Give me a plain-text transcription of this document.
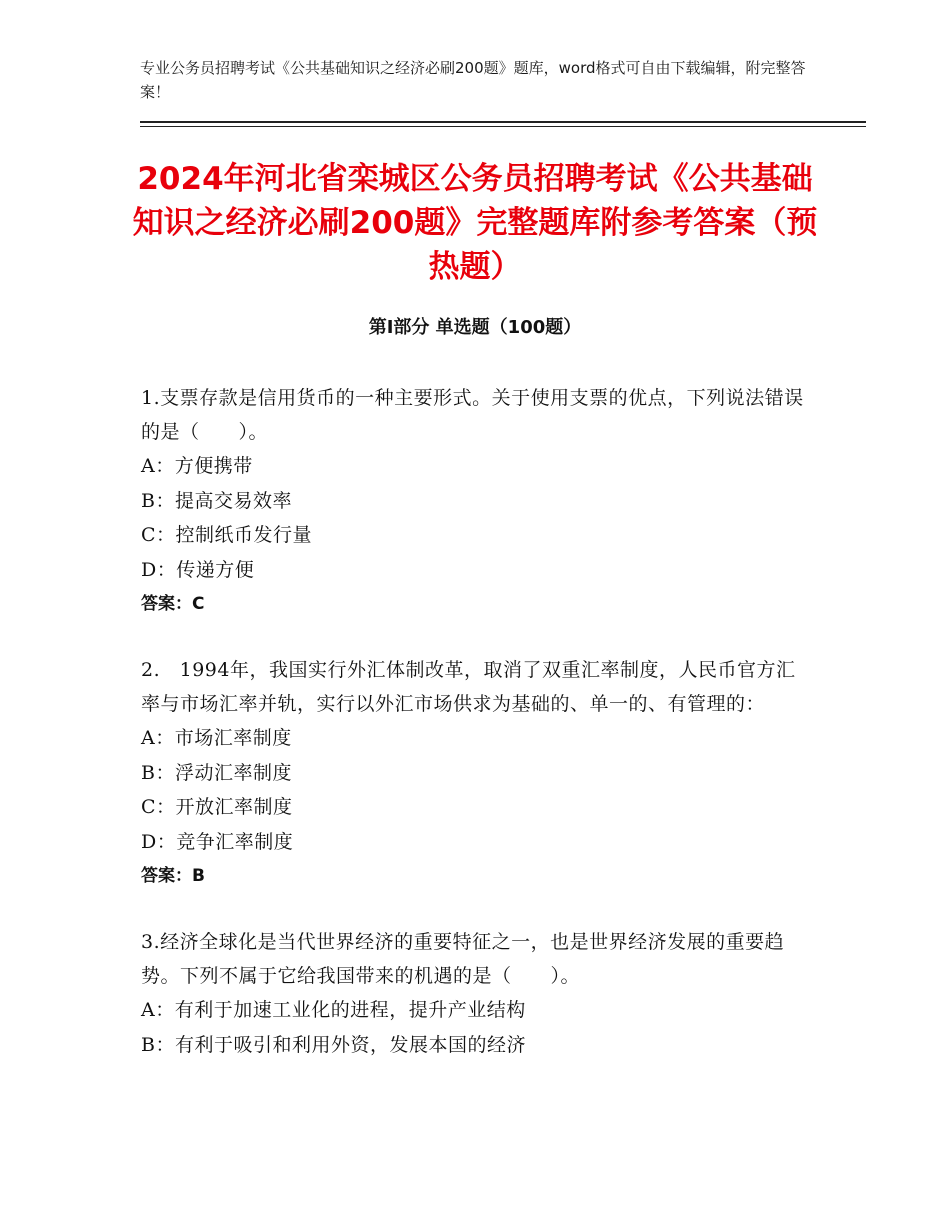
专业公务员招聘考试《公共基础知识之经济必刷200题》题库，word格式可自由下载编辑，附完整答案！
2024年河北省栾城区公务员招聘考试《公共基础知识之经济必刷200题》完整题库附参考答案（预热题）
第Ⅰ部分 单选题（100题）
1.支票存款是信用货币的一种主要形式。关于使用支票的优点，下列说法错误的是（　　）。
A：方便携带
B：提高交易效率
C：控制纸币发行量
D：传递方便
答案：C
2.　1994年，我国实行外汇体制改革，取消了双重汇率制度，人民币官方汇率与市场汇率并轨，实行以外汇市场供求为基础的、单一的、有管理的：
A：市场汇率制度
B：浮动汇率制度
C：开放汇率制度
D：竞争汇率制度
答案：B
3.经济全球化是当代世界经济的重要特征之一，也是世界经济发展的重要趋势。下列不属于它给我国带来的机遇的是（　　）。
A：有利于加速工业化的进程，提升产业结构
B：有利于吸引和利用外资，发展本国的经济
